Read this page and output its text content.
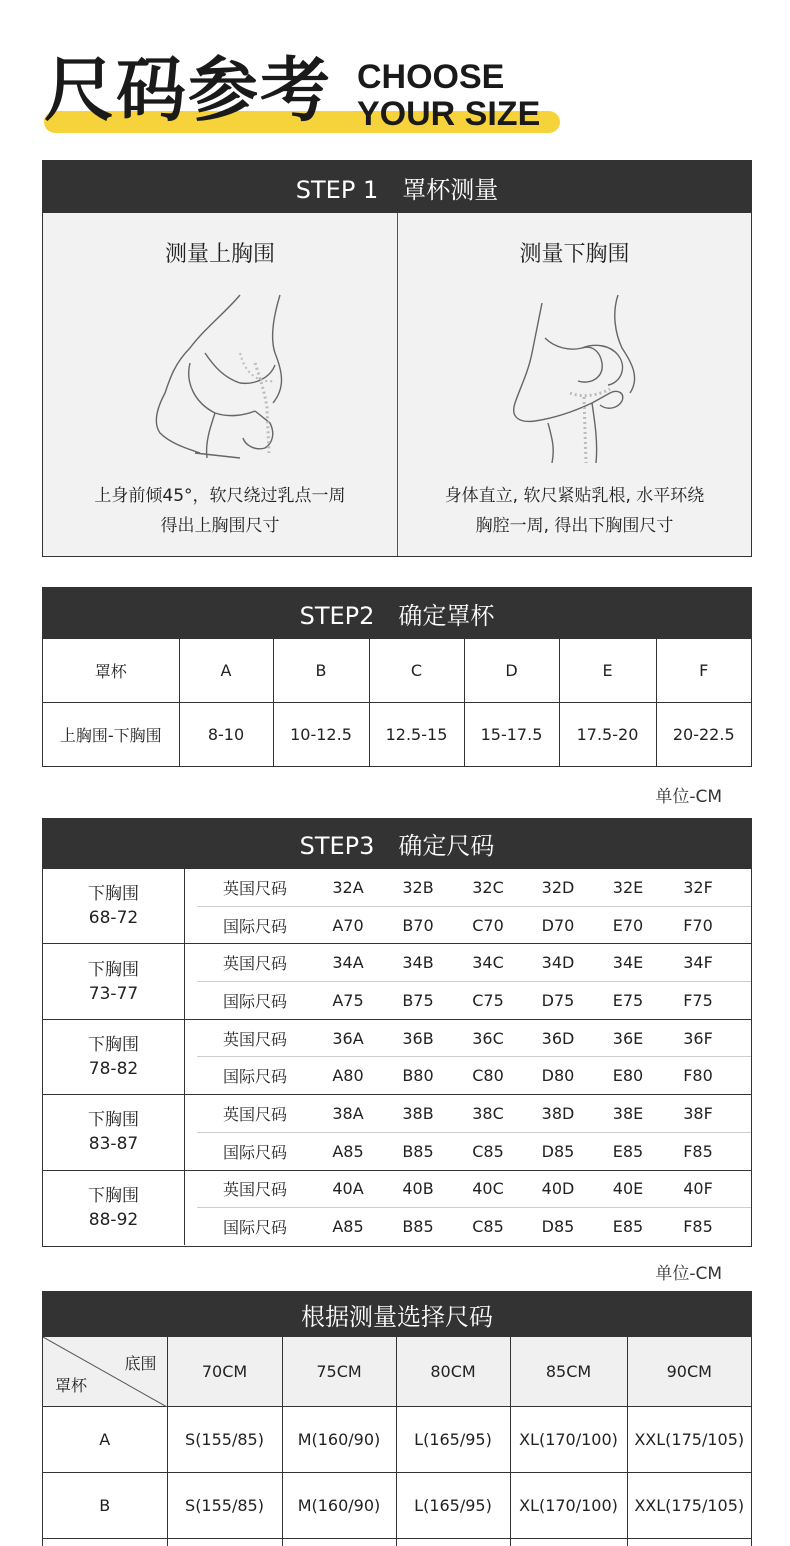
尺码参考 CHOOSE
YOUR SIZE
STEP 1　罩杯测量
测量上胸围
上身前倾45°，软尺绕过乳点一周
得出上胸围尺寸
测量下胸围
身体直立, 软尺紧贴乳根, 水平环绕
胸腔一周, 得出下胸围尺寸
STEP2　确定罩杯
罩杯	A	B	C	D	E	F
上胸围-下胸围	8-10	10-12.5	12.5-15	15-17.5	17.5-20	20-22.5
单位-CM
STEP3　确定尺码
下胸围
68-72
英国尺码	32A	32B	32C	32D	32E	32F
国际尺码	A70	B70	C70	D70	E70	F70
下胸围
73-77
英国尺码	34A	34B	34C	34D	34E	34F
国际尺码	A75	B75	C75	D75	E75	F75
下胸围
78-82
英国尺码	36A	36B	36C	36D	36E	36F
国际尺码	A80	B80	C80	D80	E80	F80
下胸围
83-87
英国尺码	38A	38B	38C	38D	38E	38F
国际尺码	A85	B85	C85	D85	E85	F85
下胸围
88-92
英国尺码	40A	40B	40C	40D	40E	40F
国际尺码	A85	B85	C85	D85	E85	F85
单位-CM
根据测量选择尺码
底围
罩杯	70CM	75CM	80CM	85CM	90CM
A	S(155/85)	M(160/90)	L(165/95)	XL(170/100)	XXL(175/105)
B	S(155/85)	M(160/90)	L(165/95)	XL(170/100)	XXL(175/105)
